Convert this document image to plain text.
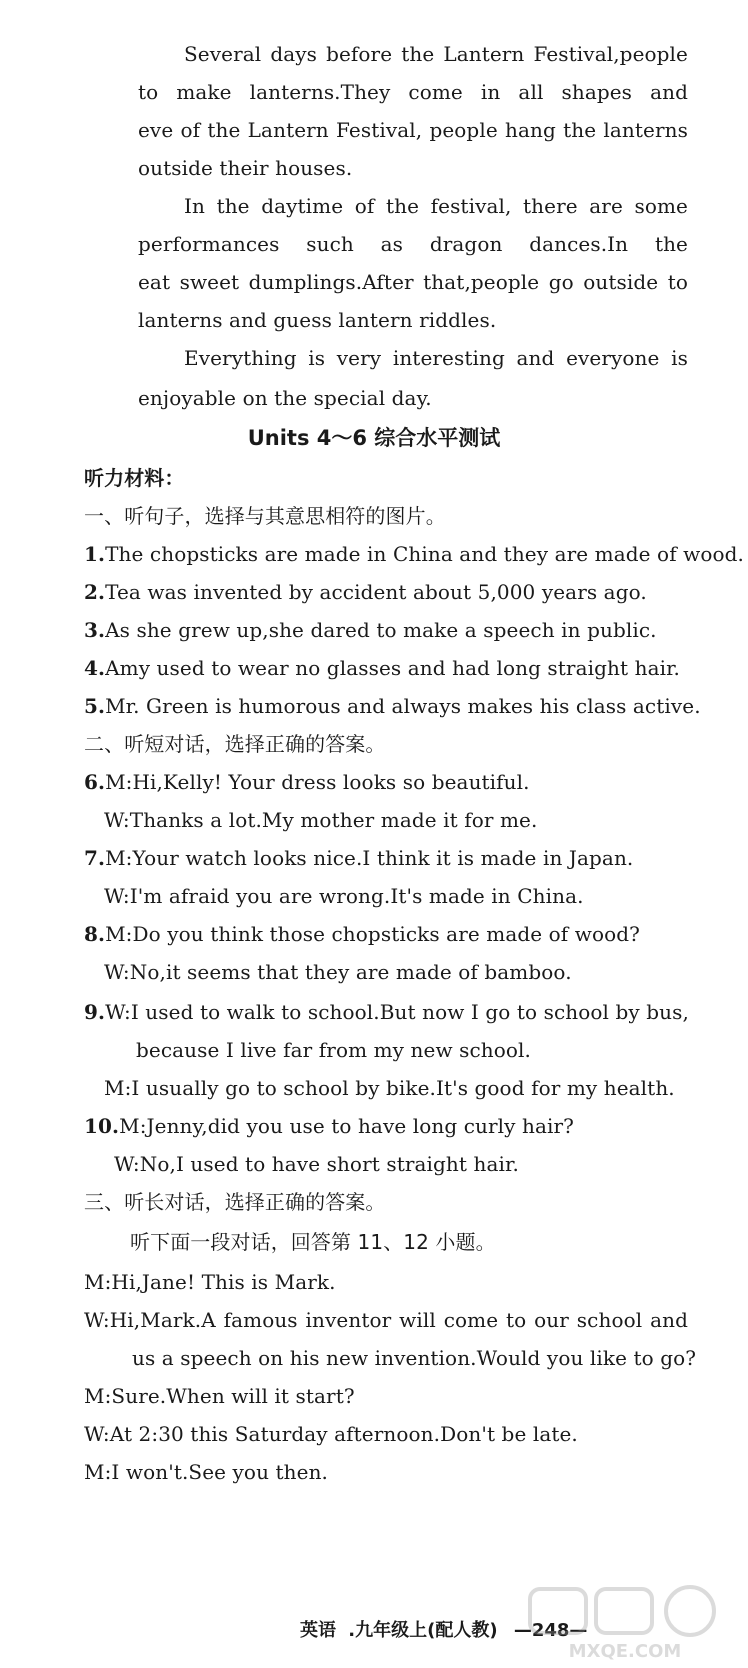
Several days before the Lantern Festival,people
to make lanterns.They come in all shapes and
eve of the Lantern Festival, people hang the lanterns
outside their houses.
In the daytime of the festival, there are some
performances such as dragon dances.In the
eat sweet dumplings.After that,people go outside to
lanterns and guess lantern riddles.
Everything is very interesting and everyone is
enjoyable on the special day.
Units 4～6 综合水平测试
听力材料：
一、听句子，选择与其意思相符的图片。
1.The chopsticks are made in China and they are made of wood.
2.Tea was invented by accident about 5,000 years ago.
3.As she grew up,she dared to make a speech in public.
4.Amy used to wear no glasses and had long straight hair.
5.Mr. Green is humorous and always makes his class active.
二、听短对话，选择正确的答案。
6.M:Hi,Kelly! Your dress looks so beautiful.
W:Thanks a lot.My mother made it for me.
7.M:Your watch looks nice.I think it is made in Japan.
W:I'm afraid you are wrong.It's made in China.
8.M:Do you think those chopsticks are made of wood?
W:No,it seems that they are made of bamboo.
9.W:I used to walk to school.But now I go to school by bus,
because I live far from my new school.
M:I usually go to school by bike.It's good for my health.
10.M:Jenny,did you use to have long curly hair?
W:No,I used to have short straight hair.
三、听长对话，选择正确的答案。
听下面一段对话，回答第 11、12 小题。
M:Hi,Jane! This is Mark.
W:Hi,Mark.A famous inventor will come to our school and
us a speech on his new invention.Would you like to go?
M:Sure.When will it start?
W:At 2:30 this Saturday afternoon.Don't be late.
M:I won't.See you then.
英语 .九年级上(配人教) —248—
MXQE.COM
